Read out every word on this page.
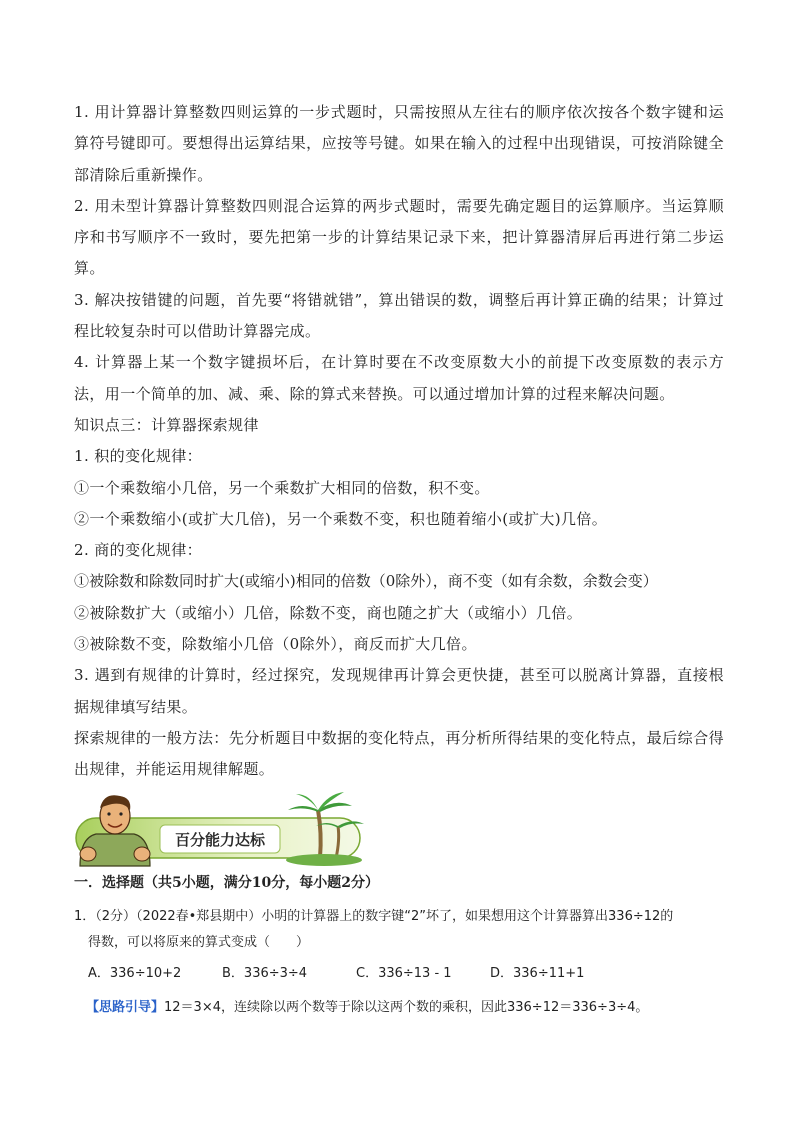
1. 用计算器计算整数四则运算的一步式题时，只需按照从左往右的顺序依次按各个数字键和运算符号键即可。要想得出运算结果，应按等号键。如果在输入的过程中出现错误，可按消除键全部清除后重新操作。

2. 用未型计算器计算整数四则混合运算的两步式题时，需要先确定题目的运算顺序。当运算顺序和书写顺序不一致时，要先把第一步的计算结果记录下来，把计算器清屏后再进行第二步运算。

3. 解决按错键的问题，首先要“将错就错”，算出错误的数，调整后再计算正确的结果；计算过程比较复杂时可以借助计算器完成。

4. 计算器上某一个数字键损坏后，在计算时要在不改变原数大小的前提下改变原数的表示方法，用一个简单的加、减、乘、除的算式来替换。可以通过增加计算的过程来解决问题。

知识点三：计算器探索规律

1. 积的变化规律：

①一个乘数缩小几倍，另一个乘数扩大相同的倍数，积不变。

②一个乘数缩小(或扩大几倍)，另一个乘数不变，积也随着缩小(或扩大)几倍。

2. 商的变化规律：

①被除数和除数同时扩大(或缩小)相同的倍数（0除外），商不变（如有余数，余数会变）

②被除数扩大（或缩小）几倍，除数不变，商也随之扩大（或缩小）几倍。

③被除数不变，除数缩小几倍（0除外），商反而扩大几倍。

3. 遇到有规律的计算时，经过探究，发现规律再计算会更快捷，甚至可以脱离计算器，直接根据规律填写结果。

探索规律的一般方法：先分析题目中数据的变化特点，再分析所得结果的变化特点，最后综合得出规律，并能运用规律解题。

百分能力达标

一．选择题（共5小题，满分10分，每小题2分）

1．（2分）（2022春•郑县期中）小明的计算器上的数字键“2”坏了，如果想用这个计算器算出336÷12的

得数，可以将原来的算式变成（　　）

A．336÷10+2	B．336÷3÷4	C．336÷13 - 1	D．336÷11+1

【思路引导】12＝3×4，连续除以两个数等于除以这两个数的乘积，因此336÷12＝336÷3÷4。
